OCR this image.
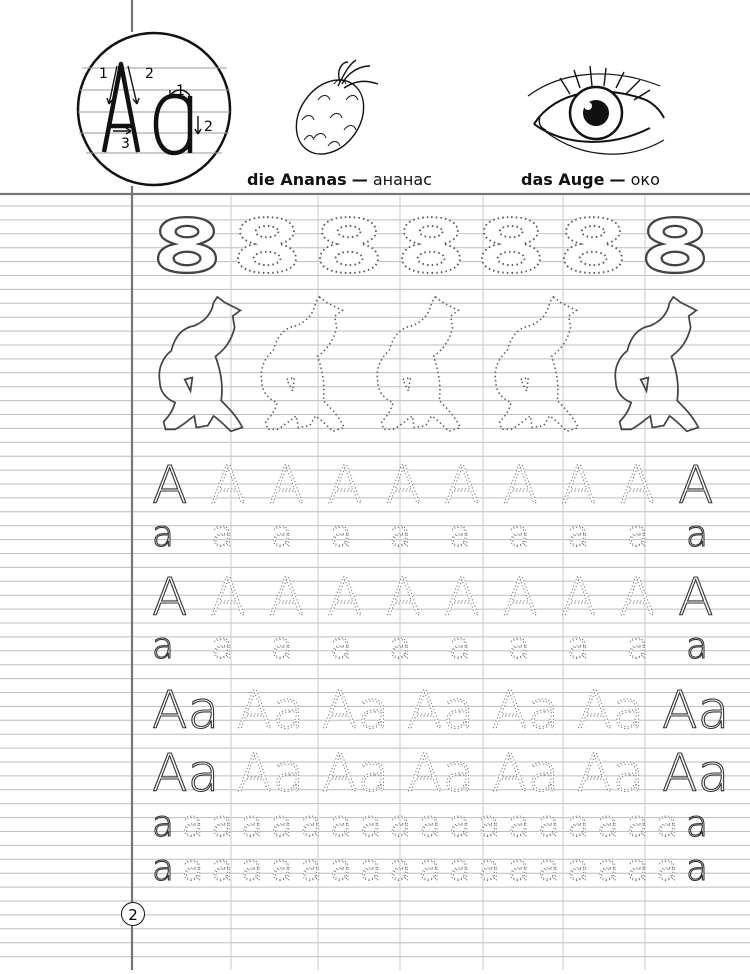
1	2
3
1
2
A A A A A A A A A A
a a a a a a a a a a
A A A A A A A A A A
a a a a a a a a a a
Aa Aa Aa Aa Aa Aa Aa
Aa Aa Aa Aa Aa Aa Aa
a a a a a a a a a a a a a a a a a a a
a a a a a a a a a a a a a a a a a a a
die Ananas — ананас	das Auge — око
2
